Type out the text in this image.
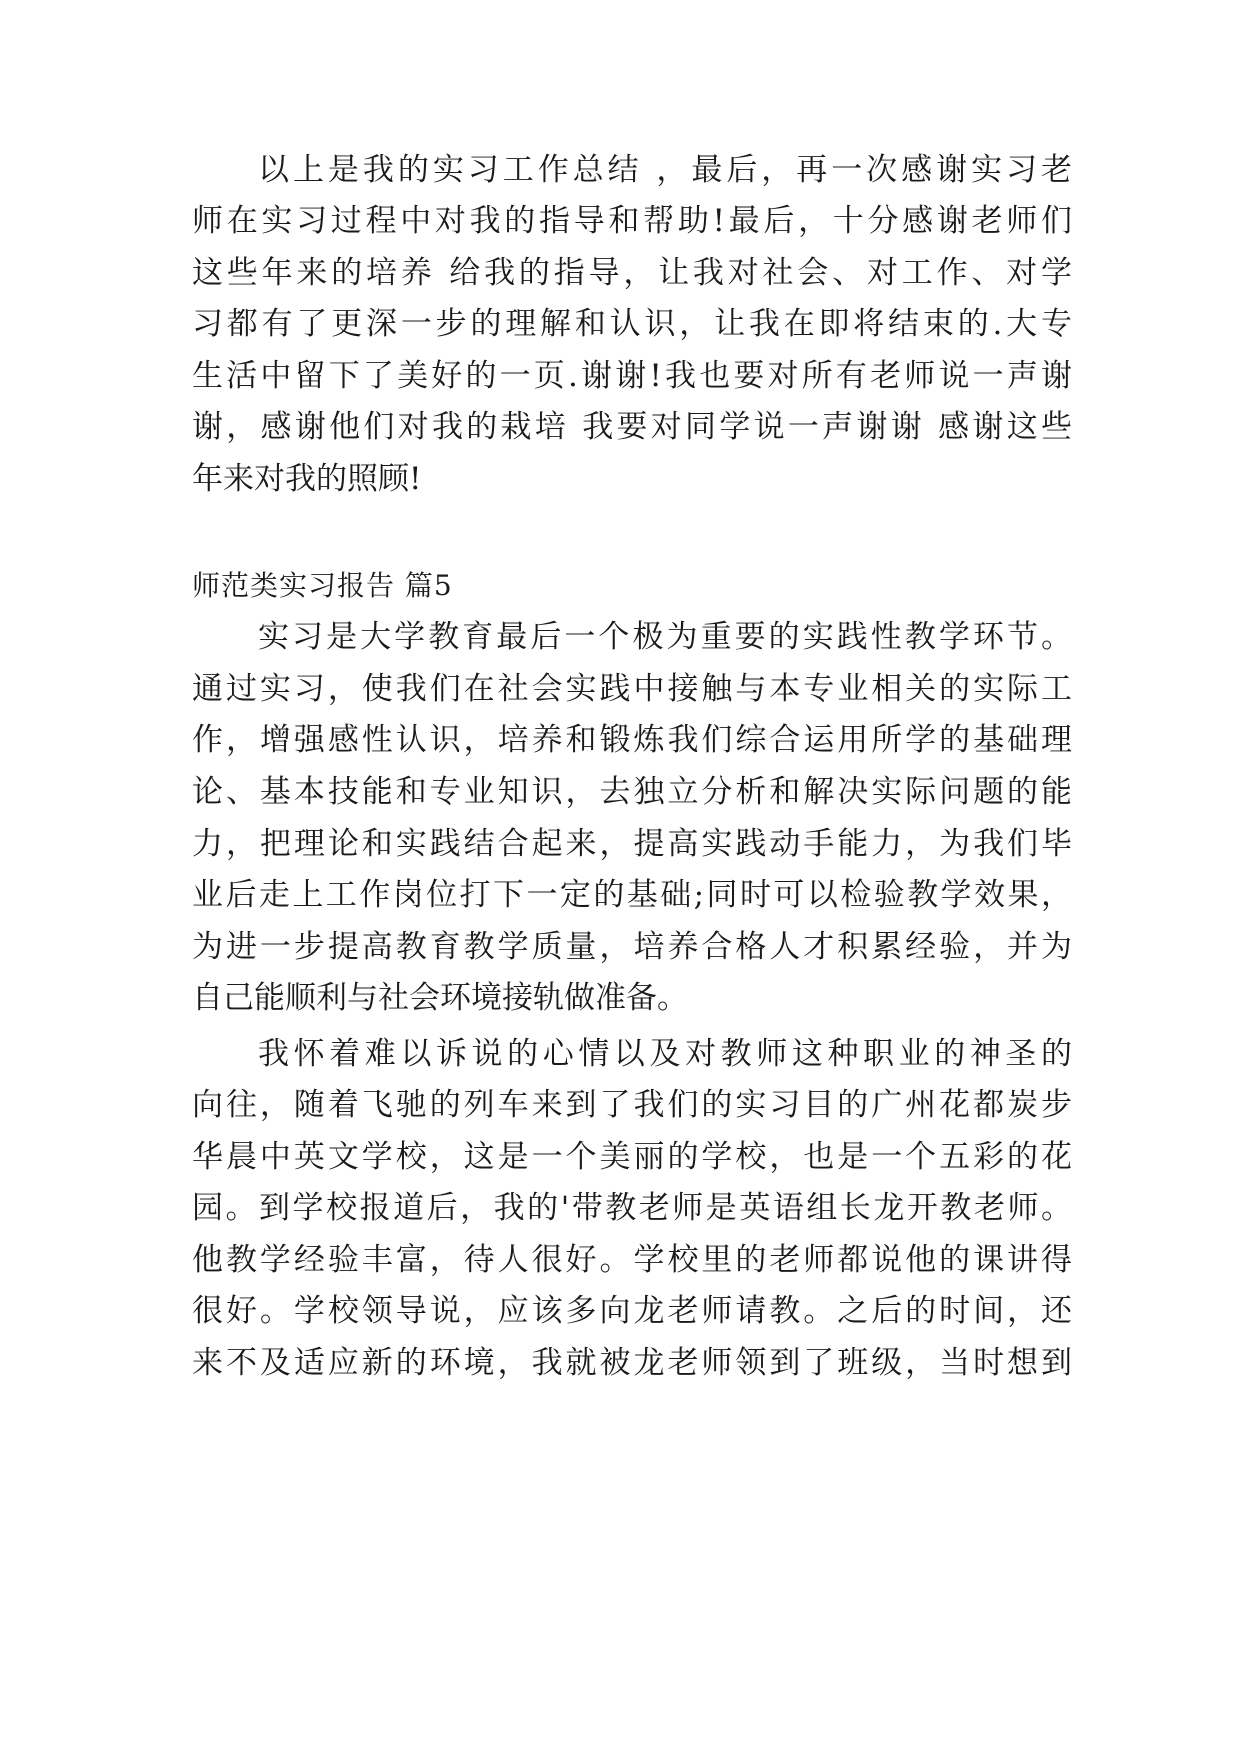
以上是我的实习工作总结 ，最后，再一次感谢实习老
师在实习过程中对我的指导和帮助!最后，十分感谢老师们
这些年来的培养 给我的指导，让我对社会、对工作、对学
习都有了更深一步的理解和认识，让我在即将结束的.大专
生活中留下了美好的一页.谢谢!我也要对所有老师说一声谢
谢，感谢他们对我的栽培 我要对同学说一声谢谢 感谢这些
年来对我的照顾!
师范类实习报告 篇5
实习是大学教育最后一个极为重要的实践性教学环节。
通过实习，使我们在社会实践中接触与本专业相关的实际工
作，增强感性认识，培养和锻炼我们综合运用所学的基础理
论、基本技能和专业知识，去独立分析和解决实际问题的能
力，把理论和实践结合起来，提高实践动手能力，为我们毕
业后走上工作岗位打下一定的基础;同时可以检验教学效果，
为进一步提高教育教学质量，培养合格人才积累经验，并为
自己能顺利与社会环境接轨做准备。
我怀着难以诉说的心情以及对教师这种职业的神圣的
向往，随着飞驰的列车来到了我们的实习目的广州花都炭步
华晨中英文学校，这是一个美丽的学校，也是一个五彩的花
园。到学校报道后，我的'带教老师是英语组长龙开教老师。
他教学经验丰富，待人很好。学校里的老师都说他的课讲得
很好。学校领导说，应该多向龙老师请教。之后的时间，还
来不及适应新的环境，我就被龙老师领到了班级，当时想到
